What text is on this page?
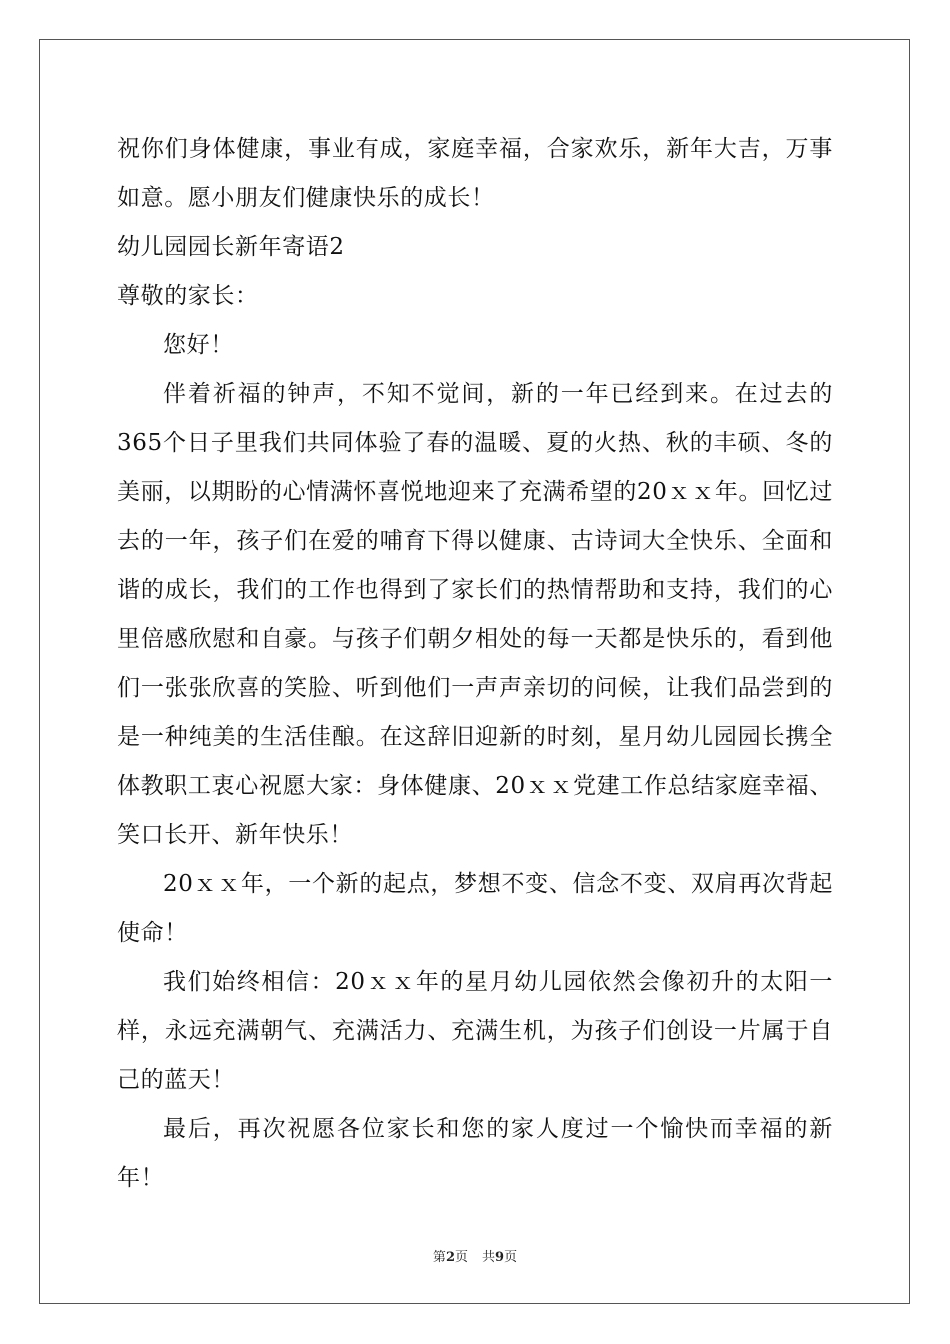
祝你们身体健康，事业有成，家庭幸福，合家欢乐，新年大吉，万事如意。愿小朋友们健康快乐的成长！

幼儿园园长新年寄语2

尊敬的家长：

您好！

伴着祈福的钟声，不知不觉间，新的一年已经到来。在过去的365个日子里我们共同体验了春的温暖、夏的火热、秋的丰硕、冬的美丽，以期盼的心情满怀喜悦地迎来了充满希望的20ｘｘ年。回忆过去的一年，孩子们在爱的哺育下得以健康、古诗词大全快乐、全面和谐的成长，我们的工作也得到了家长们的热情帮助和支持，我们的心里倍感欣慰和自豪。与孩子们朝夕相处的每一天都是快乐的，看到他们一张张欣喜的笑脸、听到他们一声声亲切的问候，让我们品尝到的是一种纯美的生活佳酿。在这辞旧迎新的时刻，星月幼儿园园长携全体教职工衷心祝愿大家：身体健康、20ｘｘ党建工作总结家庭幸福、笑口长开、新年快乐！

20ｘｘ年，一个新的起点，梦想不变、信念不变、双肩再次背起使命！

我们始终相信：20ｘｘ年的星月幼儿园依然会像初升的太阳一样，永远充满朝气、充满活力、充满生机，为孩子们创设一片属于自己的蓝天！

最后，再次祝愿各位家长和您的家人度过一个愉快而幸福的新年！

第2页 共9页
